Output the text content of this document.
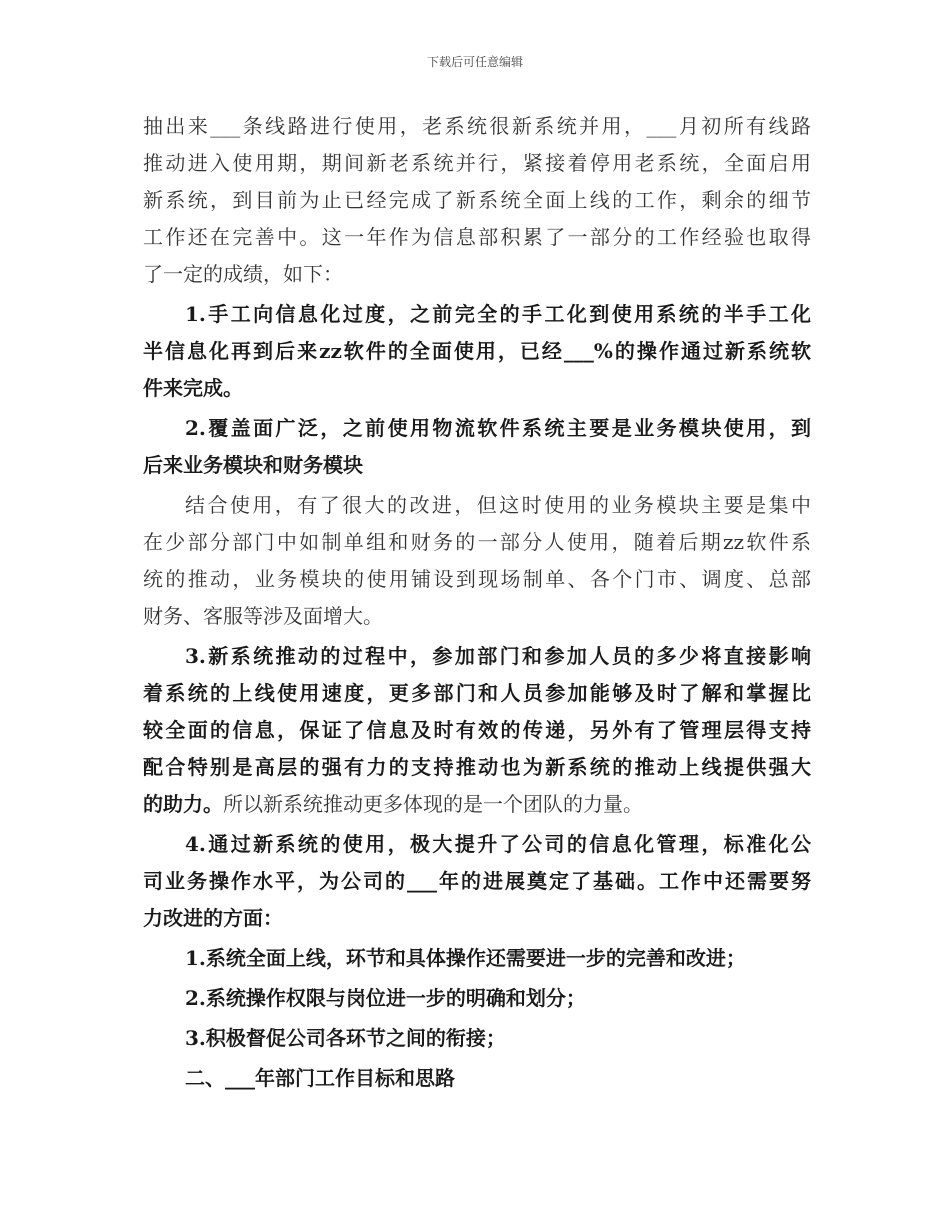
下载后可任意编辑
抽出来___条线路进行使用，老系统很新系统并用，___月初所有线路
推动进入使用期，期间新老系统并行，紧接着停用老系统，全面启用
新系统，到目前为止已经完成了新系统全面上线的工作，剩余的细节
工作还在完善中。这一年作为信息部积累了一部分的工作经验也取得
了一定的成绩，如下：
1.手工向信息化过度，之前完全的手工化到使用系统的半手工化
半信息化再到后来zz软件的全面使用，已经___%的操作通过新系统软
件来完成。
2.覆盖面广泛，之前使用物流软件系统主要是业务模块使用，到
后来业务模块和财务模块
结合使用，有了很大的改进，但这时使用的业务模块主要是集中
在少部分部门中如制单组和财务的一部分人使用，随着后期zz软件系
统的推动，业务模块的使用铺设到现场制单、各个门市、调度、总部
财务、客服等涉及面增大。
3.新系统推动的过程中，参加部门和参加人员的多少将直接影响
着系统的上线使用速度，更多部门和人员参加能够及时了解和掌握比
较全面的信息，保证了信息及时有效的传递，另外有了管理层得支持
配合特别是高层的强有力的支持推动也为新系统的推动上线提供强大
的助力。所以新系统推动更多体现的是一个团队的力量。
4.通过新系统的使用，极大提升了公司的信息化管理，标准化公
司业务操作水平，为公司的___年的进展奠定了基础。工作中还需要努
力改进的方面：
1.系统全面上线，环节和具体操作还需要进一步的完善和改进；
2.系统操作权限与岗位进一步的明确和划分；
3.积极督促公司各环节之间的衔接；
二、___年部门工作目标和思路
